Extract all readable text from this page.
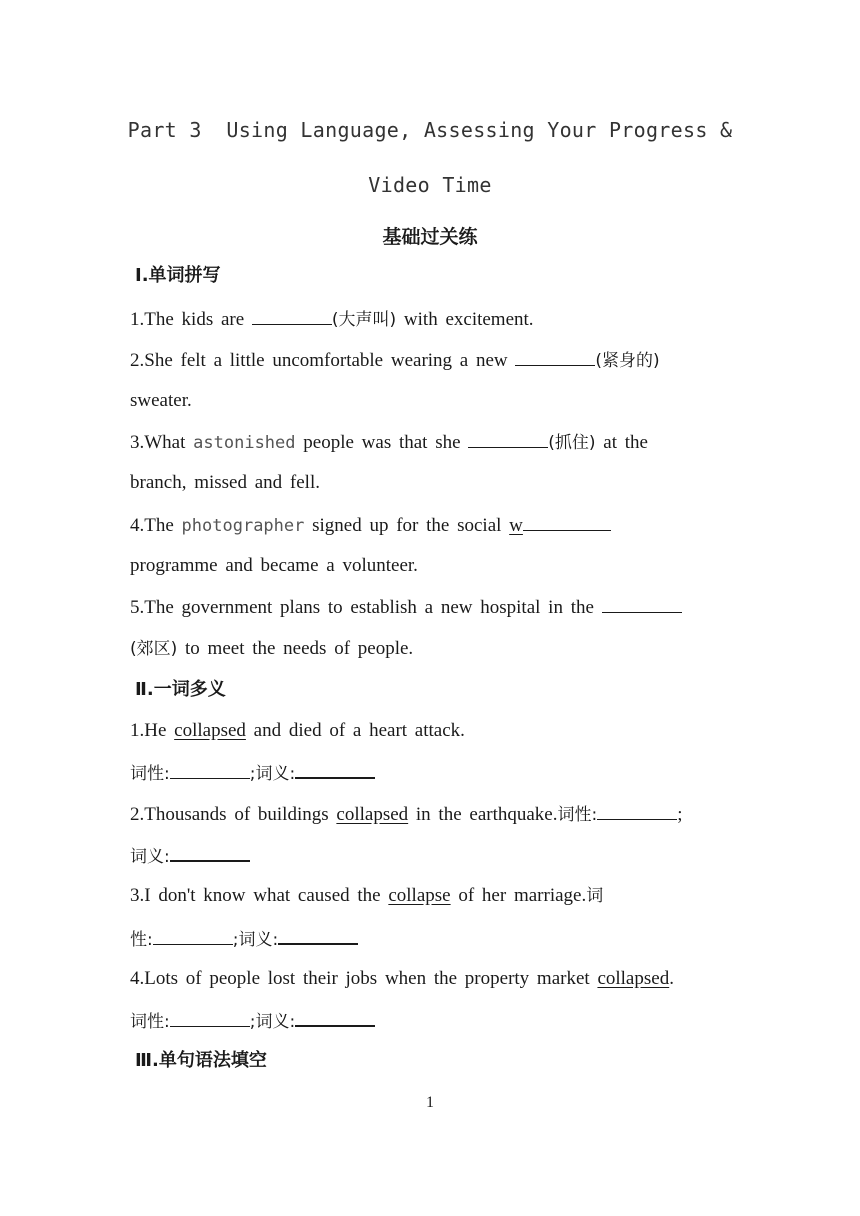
Part 3  Using Language, Assessing Your Progress &
Video Time
基础过关练
Ⅰ.单词拼写
1.The kids are	(大声叫) with excitement.
2.She felt a little uncomfortable wearing a new	(紧身的)
sweater.
3.What astonished people was that she	(抓住) at the
branch, missed and fell.
4.The photographer signed up for the social w
programme and became a volunteer.
5.The government plans to establish a new hospital in the
(郊区) to meet the needs of people.
Ⅱ.一词多义
1.He collapsed and died of a heart attack.
词性:	;词义:
2.Thousands of buildings collapsed in the earthquake.词性:	;
词义:
3.I don't know what caused the collapse of her marriage.词
性:	;词义:
4.Lots of people lost their jobs when the property market collapsed.
词性:	;词义:
Ⅲ.单句语法填空
1
